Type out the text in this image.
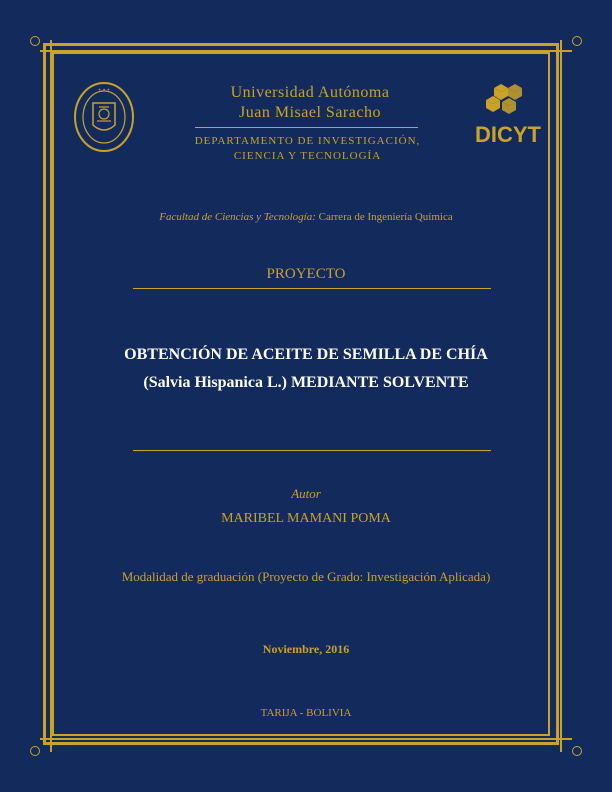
✦ ✦ ✦	Universidad Autónoma
Juan Misael Saracho
DEPARTAMENTO DE INVESTIGACIÓN,
CIENCIA Y TECNOLOGÍA
DICYT
Facultad de Ciencias y Tecnología: Carrera de Ingeniería Química
PROYECTO
OBTENCIÓN DE ACEITE DE SEMILLA DE CHÍA
(Salvia Hispanica L.) MEDIANTE SOLVENTE
Autor
MARIBEL MAMANI POMA
Modalidad de graduación (Proyecto de Grado: Investigación Aplicada)
Noviembre, 2016
TARIJA - BOLIVIA
